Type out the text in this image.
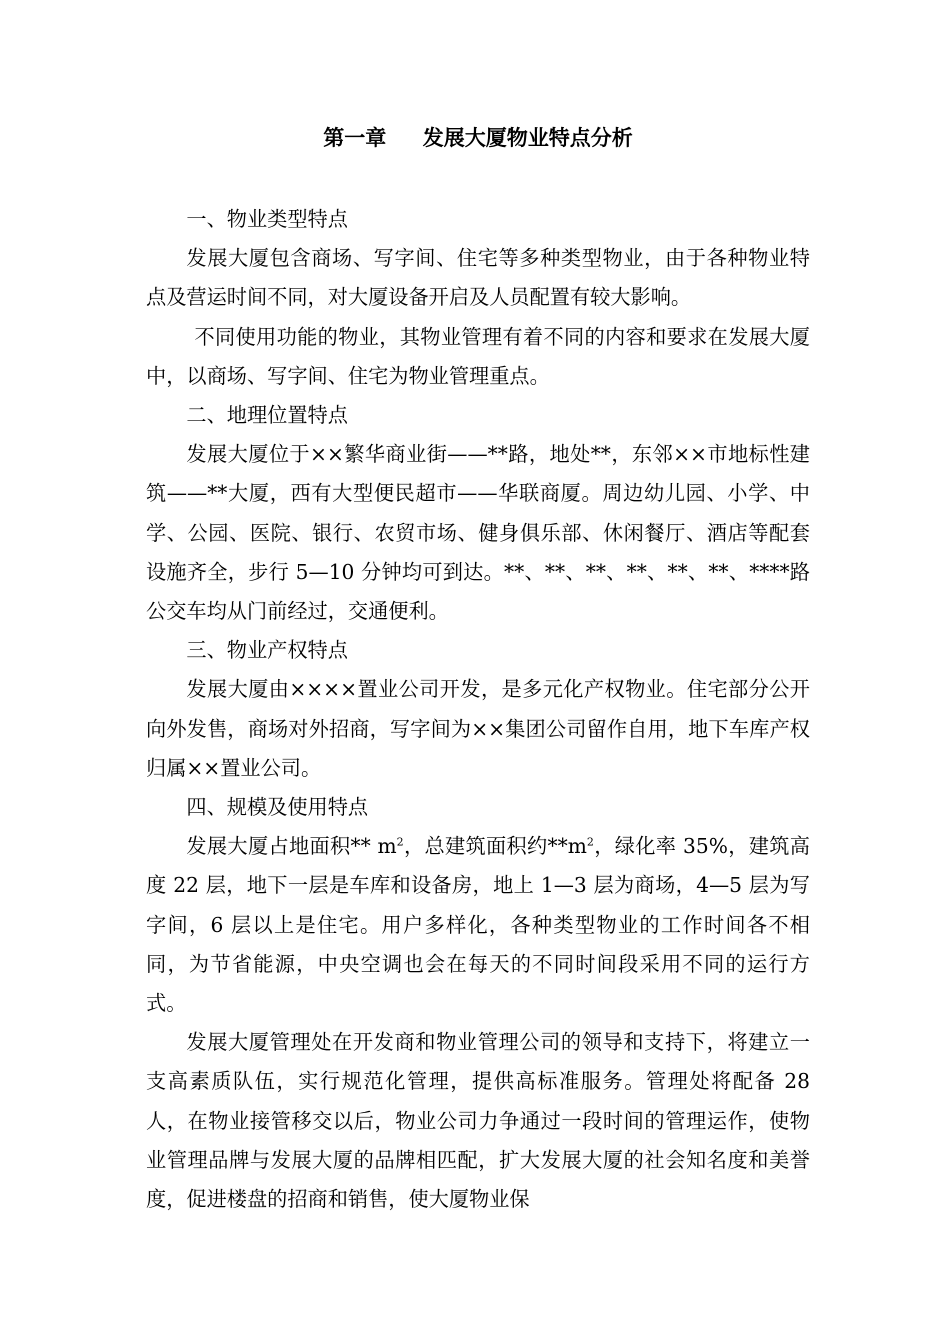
第一章     发展大厦物业特点分析

一、物业类型特点

发展大厦包含商场、写字间、住宅等多种类型物业，由于各种物业特点及营运时间不同，对大厦设备开启及人员配置有较大影响。

不同使用功能的物业，其物业管理有着不同的内容和要求在发展大厦中，以商场、写字间、住宅为物业管理重点。

二、地理位置特点

发展大厦位于××繁华商业街——**路，地处**，东邻××市地标性建筑——**大厦，西有大型便民超市——华联商厦。周边幼儿园、小学、中学、公园、医院、银行、农贸市场、健身俱乐部、休闲餐厅、酒店等配套设施齐全，步行 5—10 分钟均可到达。**、**、**、**、**、**、****路公交车均从门前经过，交通便利。

三、物业产权特点

发展大厦由××××置业公司开发，是多元化产权物业。住宅部分公开向外发售，商场对外招商，写字间为××集团公司留作自用，地下车库产权归属××置业公司。

四、规模及使用特点

发展大厦占地面积** $m^2$，总建筑面积约$**m^2$，绿化率 35%，建筑高度 22 层，地下一层是车库和设备房，地上 1—3 层为商场，4—5 层为写字间，6 层以上是住宅。用户多样化，各种类型物业的工作时间各不相同，为节省能源，中央空调也会在每天的不同时间段采用不同的运行方式。

发展大厦管理处在开发商和物业管理公司的领导和支持下，将建立一支高素质队伍，实行规范化管理，提供高标准服务。管理处将配备 28 人，在物业接管移交以后，物业公司力争通过一段时间的管理运作，使物业管理品牌与发展大厦的品牌相匹配，扩大发展大厦的社会知名度和美誉度，促进楼盘的招商和销售，使大厦物业保
